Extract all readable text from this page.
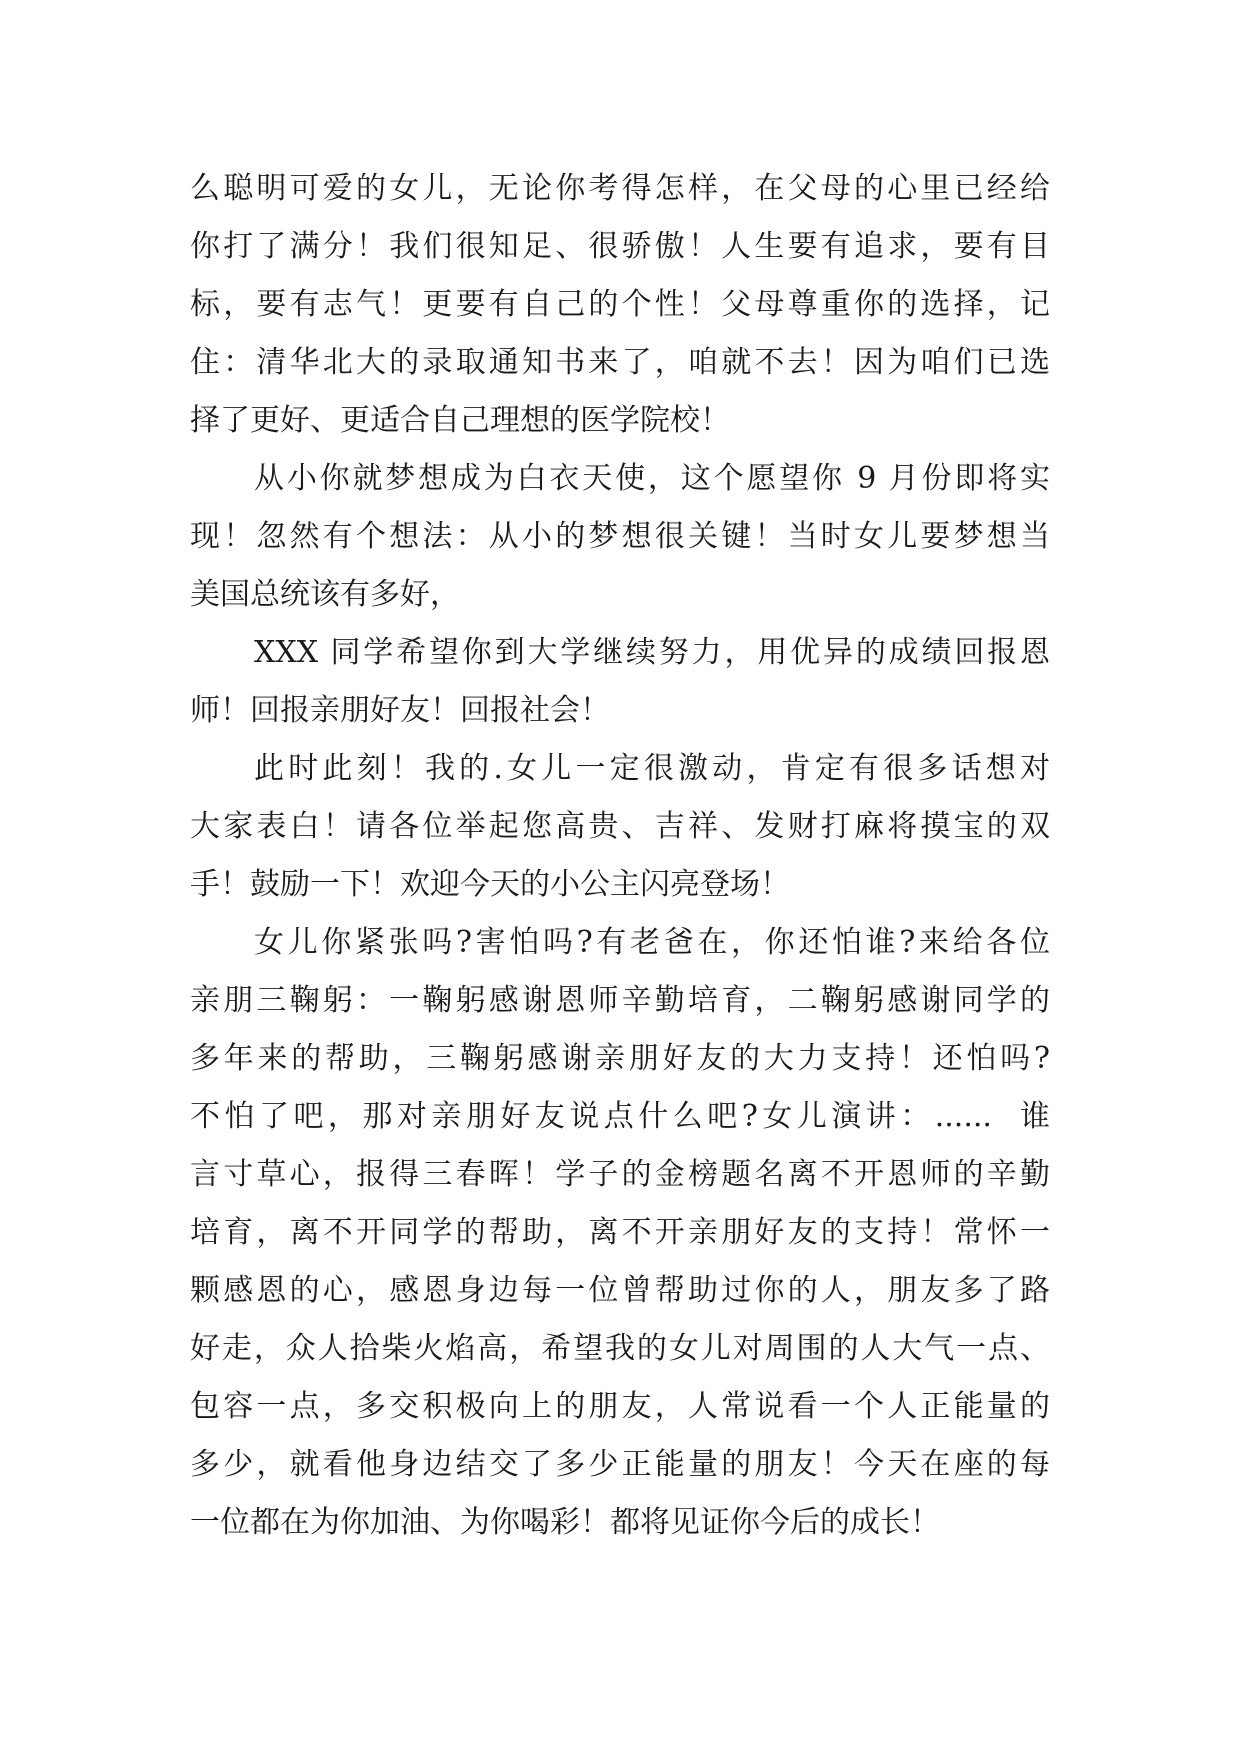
么聪明可爱的女儿，无论你考得怎样，在父母的心里已经给
你打了满分！我们很知足、很骄傲！人生要有追求，要有目
标，要有志气！更要有自己的个性！父母尊重你的选择，记
住：清华北大的录取通知书来了，咱就不去！因为咱们已选
择了更好、更适合自己理想的医学院校！
从小你就梦想成为白衣天使，这个愿望你 9 月份即将实
现！忽然有个想法：从小的梦想很关键！当时女儿要梦想当
美国总统该有多好，
XXX 同学希望你到大学继续努力，用优异的成绩回报恩
师！回报亲朋好友！回报社会！
此时此刻！我的.女儿一定很激动，肯定有很多话想对
大家表白！请各位举起您高贵、吉祥、发财打麻将摸宝的双
手！鼓励一下！欢迎今天的小公主闪亮登场！
女儿你紧张吗?害怕吗?有老爸在，你还怕谁?来给各位
亲朋三鞠躬：一鞠躬感谢恩师辛勤培育，二鞠躬感谢同学的
多年来的帮助，三鞠躬感谢亲朋好友的大力支持！还怕吗?
不怕了吧，那对亲朋好友说点什么吧?女儿演讲：......  谁
言寸草心，报得三春晖！学子的金榜题名离不开恩师的辛勤
培育，离不开同学的帮助，离不开亲朋好友的支持！常怀一
颗感恩的心，感恩身边每一位曾帮助过你的人，朋友多了路
好走，众人拾柴火焰高，希望我的女儿对周围的人大气一点、
包容一点，多交积极向上的朋友，人常说看一个人正能量的
多少，就看他身边结交了多少正能量的朋友！今天在座的每
一位都在为你加油、为你喝彩！都将见证你今后的成长！
